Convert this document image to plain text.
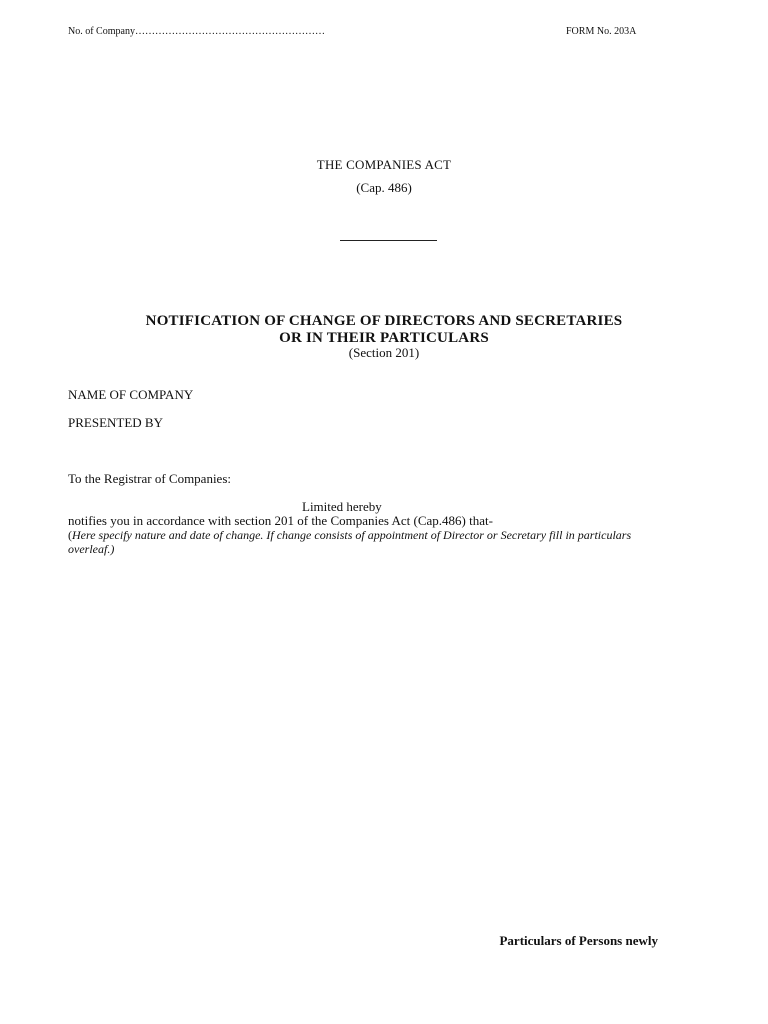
No. of Company…………………………………………………	FORM No. 203A
THE COMPANIES ACT
(Cap. 486)
NOTIFICATION OF CHANGE OF DIRECTORS AND SECRETARIES
OR IN THEIR PARTICULARS
(Section 201)
NAME OF COMPANY
PRESENTED BY
To the Registrar of Companies:
Limited hereby
notifies you in accordance with section 201 of the Companies Act (Cap.486) that-
(Here specify nature and date of change. If change consists of appointment of Director or Secretary fill in particulars overleaf.)
Particulars of Persons newly
